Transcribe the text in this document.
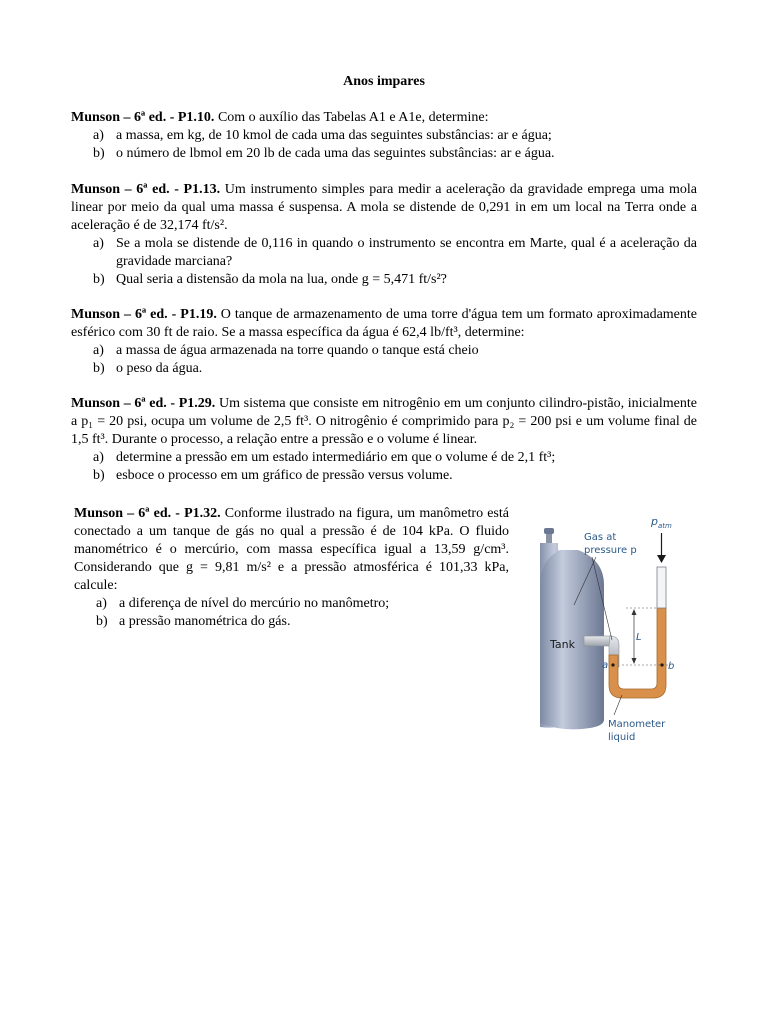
Anos impares

Munson – 6ª ed. - P1.10. Com o auxílio das Tabelas A1 e A1e, determine:

a) a massa, em kg, de 10 kmol de cada uma das seguintes substâncias: ar e água;
b) o número de lbmol em 20 lb de cada uma das seguintes substâncias: ar e água.

Munson – 6ª ed. - P1.13. Um instrumento simples para medir a aceleração da gravidade emprega uma mola linear por meio da qual uma massa é suspensa. A mola se distende de 0,291 in em um local na Terra onde a aceleração é de 32,174 ft/s².

a) Se a mola se distende de 0,116 in quando o instrumento se encontra em Marte, qual é a aceleração da gravidade marciana?
b) Qual seria a distensão da mola na lua, onde g = 5,471 ft/s²?

Munson – 6ª ed. - P1.19. O tanque de armazenamento de uma torre d'água tem um formato aproximadamente esférico com 30 ft de raio. Se a massa específica da água é 62,4 lb/ft³, determine:

a) a massa de água armazenada na torre quando o tanque está cheio
b) o peso da água.

Munson – 6ª ed. - P1.29. Um sistema que consiste em nitrogênio em um conjunto cilindro-pistão, inicialmente a p₁ = 20 psi, ocupa um volume de 2,5 ft³. O nitrogênio é comprimido para p₂ = 200 psi e um volume final de 1,5 ft³. Durante o processo, a relação entre a pressão e o volume é linear.

a) determine a pressão em um estado intermediário em que o volume é de 2,1 ft³;
b) esboce o processo em um gráfico de pressão versus volume.

Munson – 6ª ed. - P1.32. Conforme ilustrado na figura, um manômetro está conectado a um tanque de gás no qual a pressão é de 104 kPa. O fluido manométrico é o mercúrio, com massa específica igual a 13,59 g/cm³. Considerando que g = 9,81 m/s² e a pressão atmosférica é 101,33 kPa, calcule:

a) a diferença de nível do mercúrio no manômetro;
b) a pressão manométrica do gás.
Tank
$p_{atm}$
Gas at
pressure p
L
a	b
Manometer
liquid
